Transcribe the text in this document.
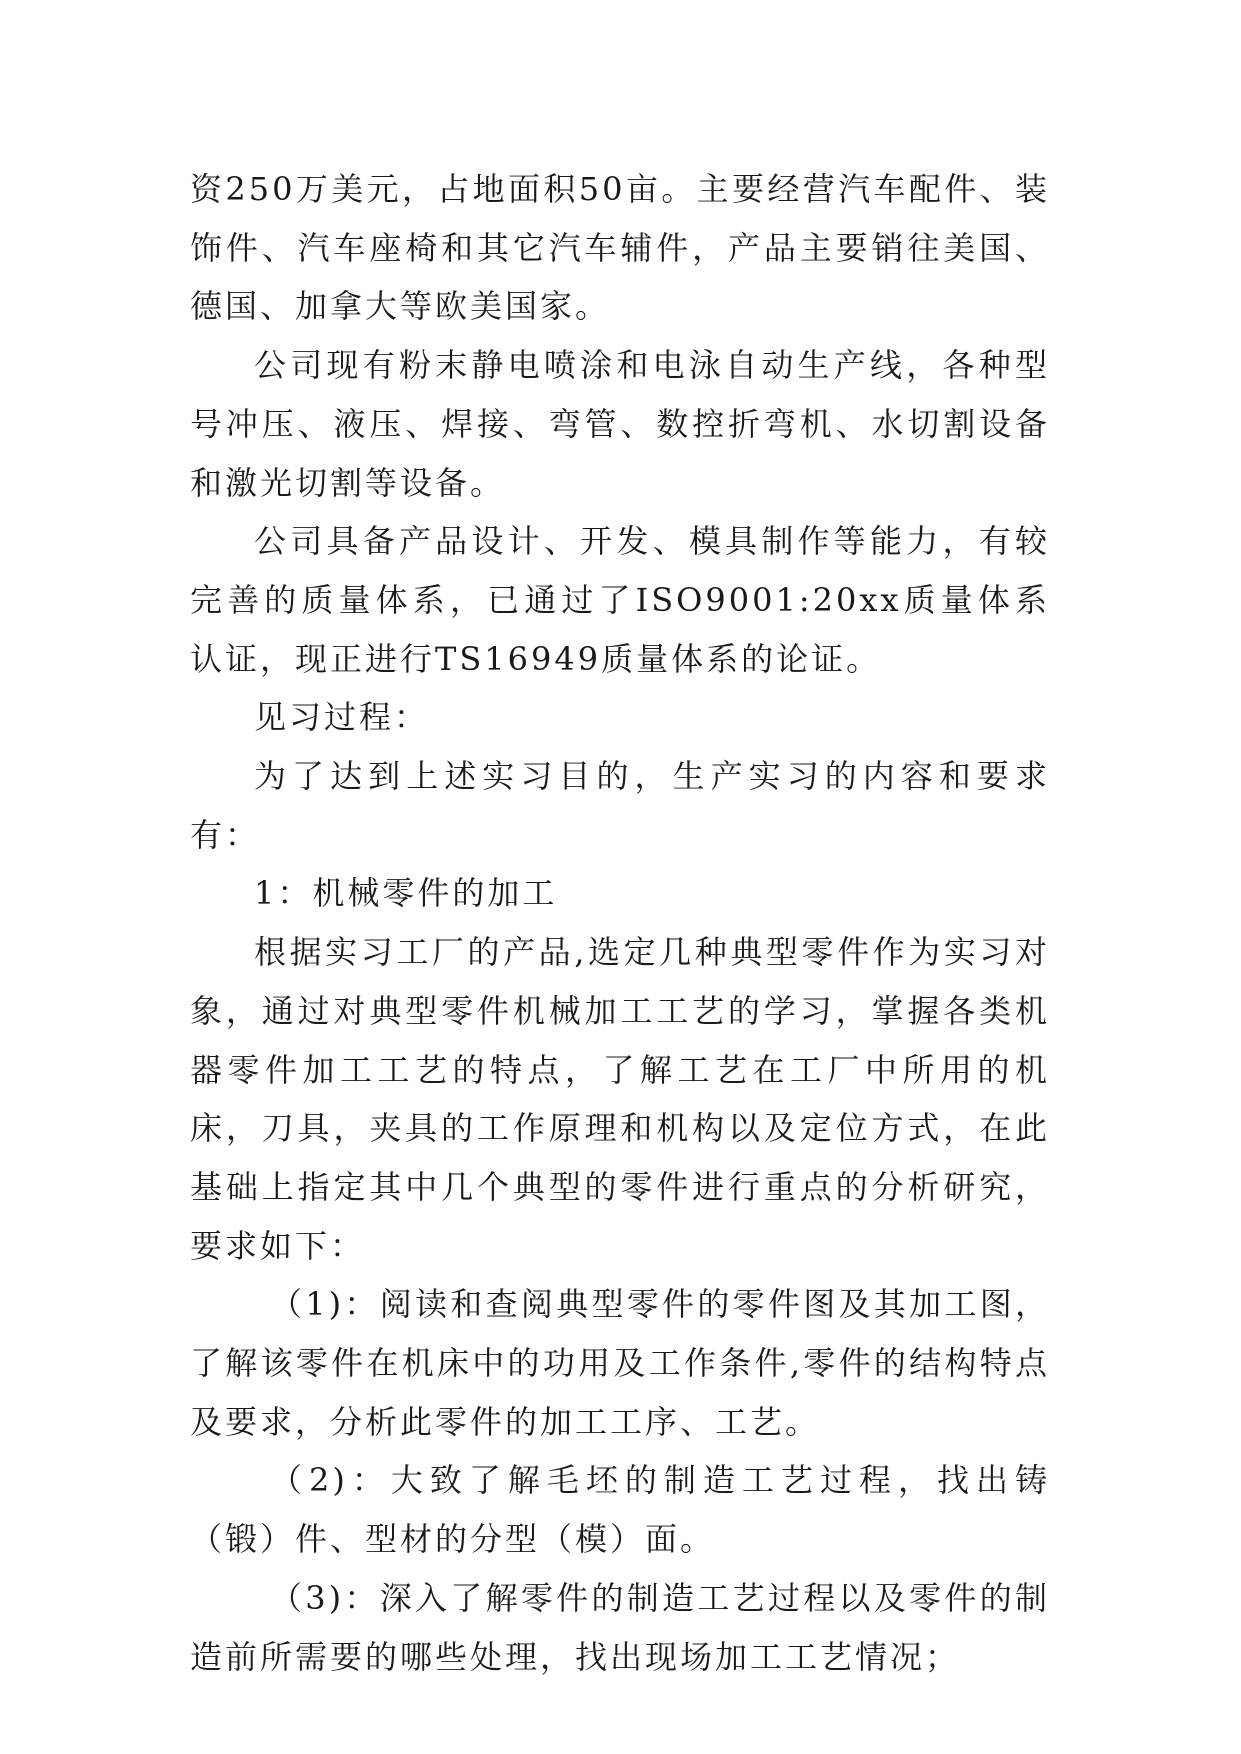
资250万美元，占地面积50亩。主要经营汽车配件、装饰件、汽车座椅和其它汽车辅件，产品主要销往美国、德国、加拿大等欧美国家。

公司现有粉末静电喷涂和电泳自动生产线，各种型号冲压、液压、焊接、弯管、数控折弯机、水切割设备和激光切割等设备。

公司具备产品设计、开发、模具制作等能力，有较完善的质量体系，已通过了ISO9001:20xx质量体系认证，现正进行TS16949质量体系的论证。

见习过程：

为了达到上述实习目的，生产实习的内容和要求有：

1：机械零件的加工

根据实习工厂的产品,选定几种典型零件作为实习对象，通过对典型零件机械加工工艺的学习，掌握各类机器零件加工工艺的特点，了解工艺在工厂中所用的机床，刀具，夹具的工作原理和机构以及定位方式，在此基础上指定其中几个典型的零件进行重点的分析研究，要求如下：

（1)：阅读和查阅典型零件的零件图及其加工图，了解该零件在机床中的功用及工作条件,零件的结构特点及要求，分析此零件的加工工序、工艺。

（2)：大致了解毛坯的制造工艺过程，找出铸（锻）件、型材的分型（模）面。

（3)：深入了解零件的制造工艺过程以及零件的制造前所需要的哪些处理，找出现场加工工艺情况；
